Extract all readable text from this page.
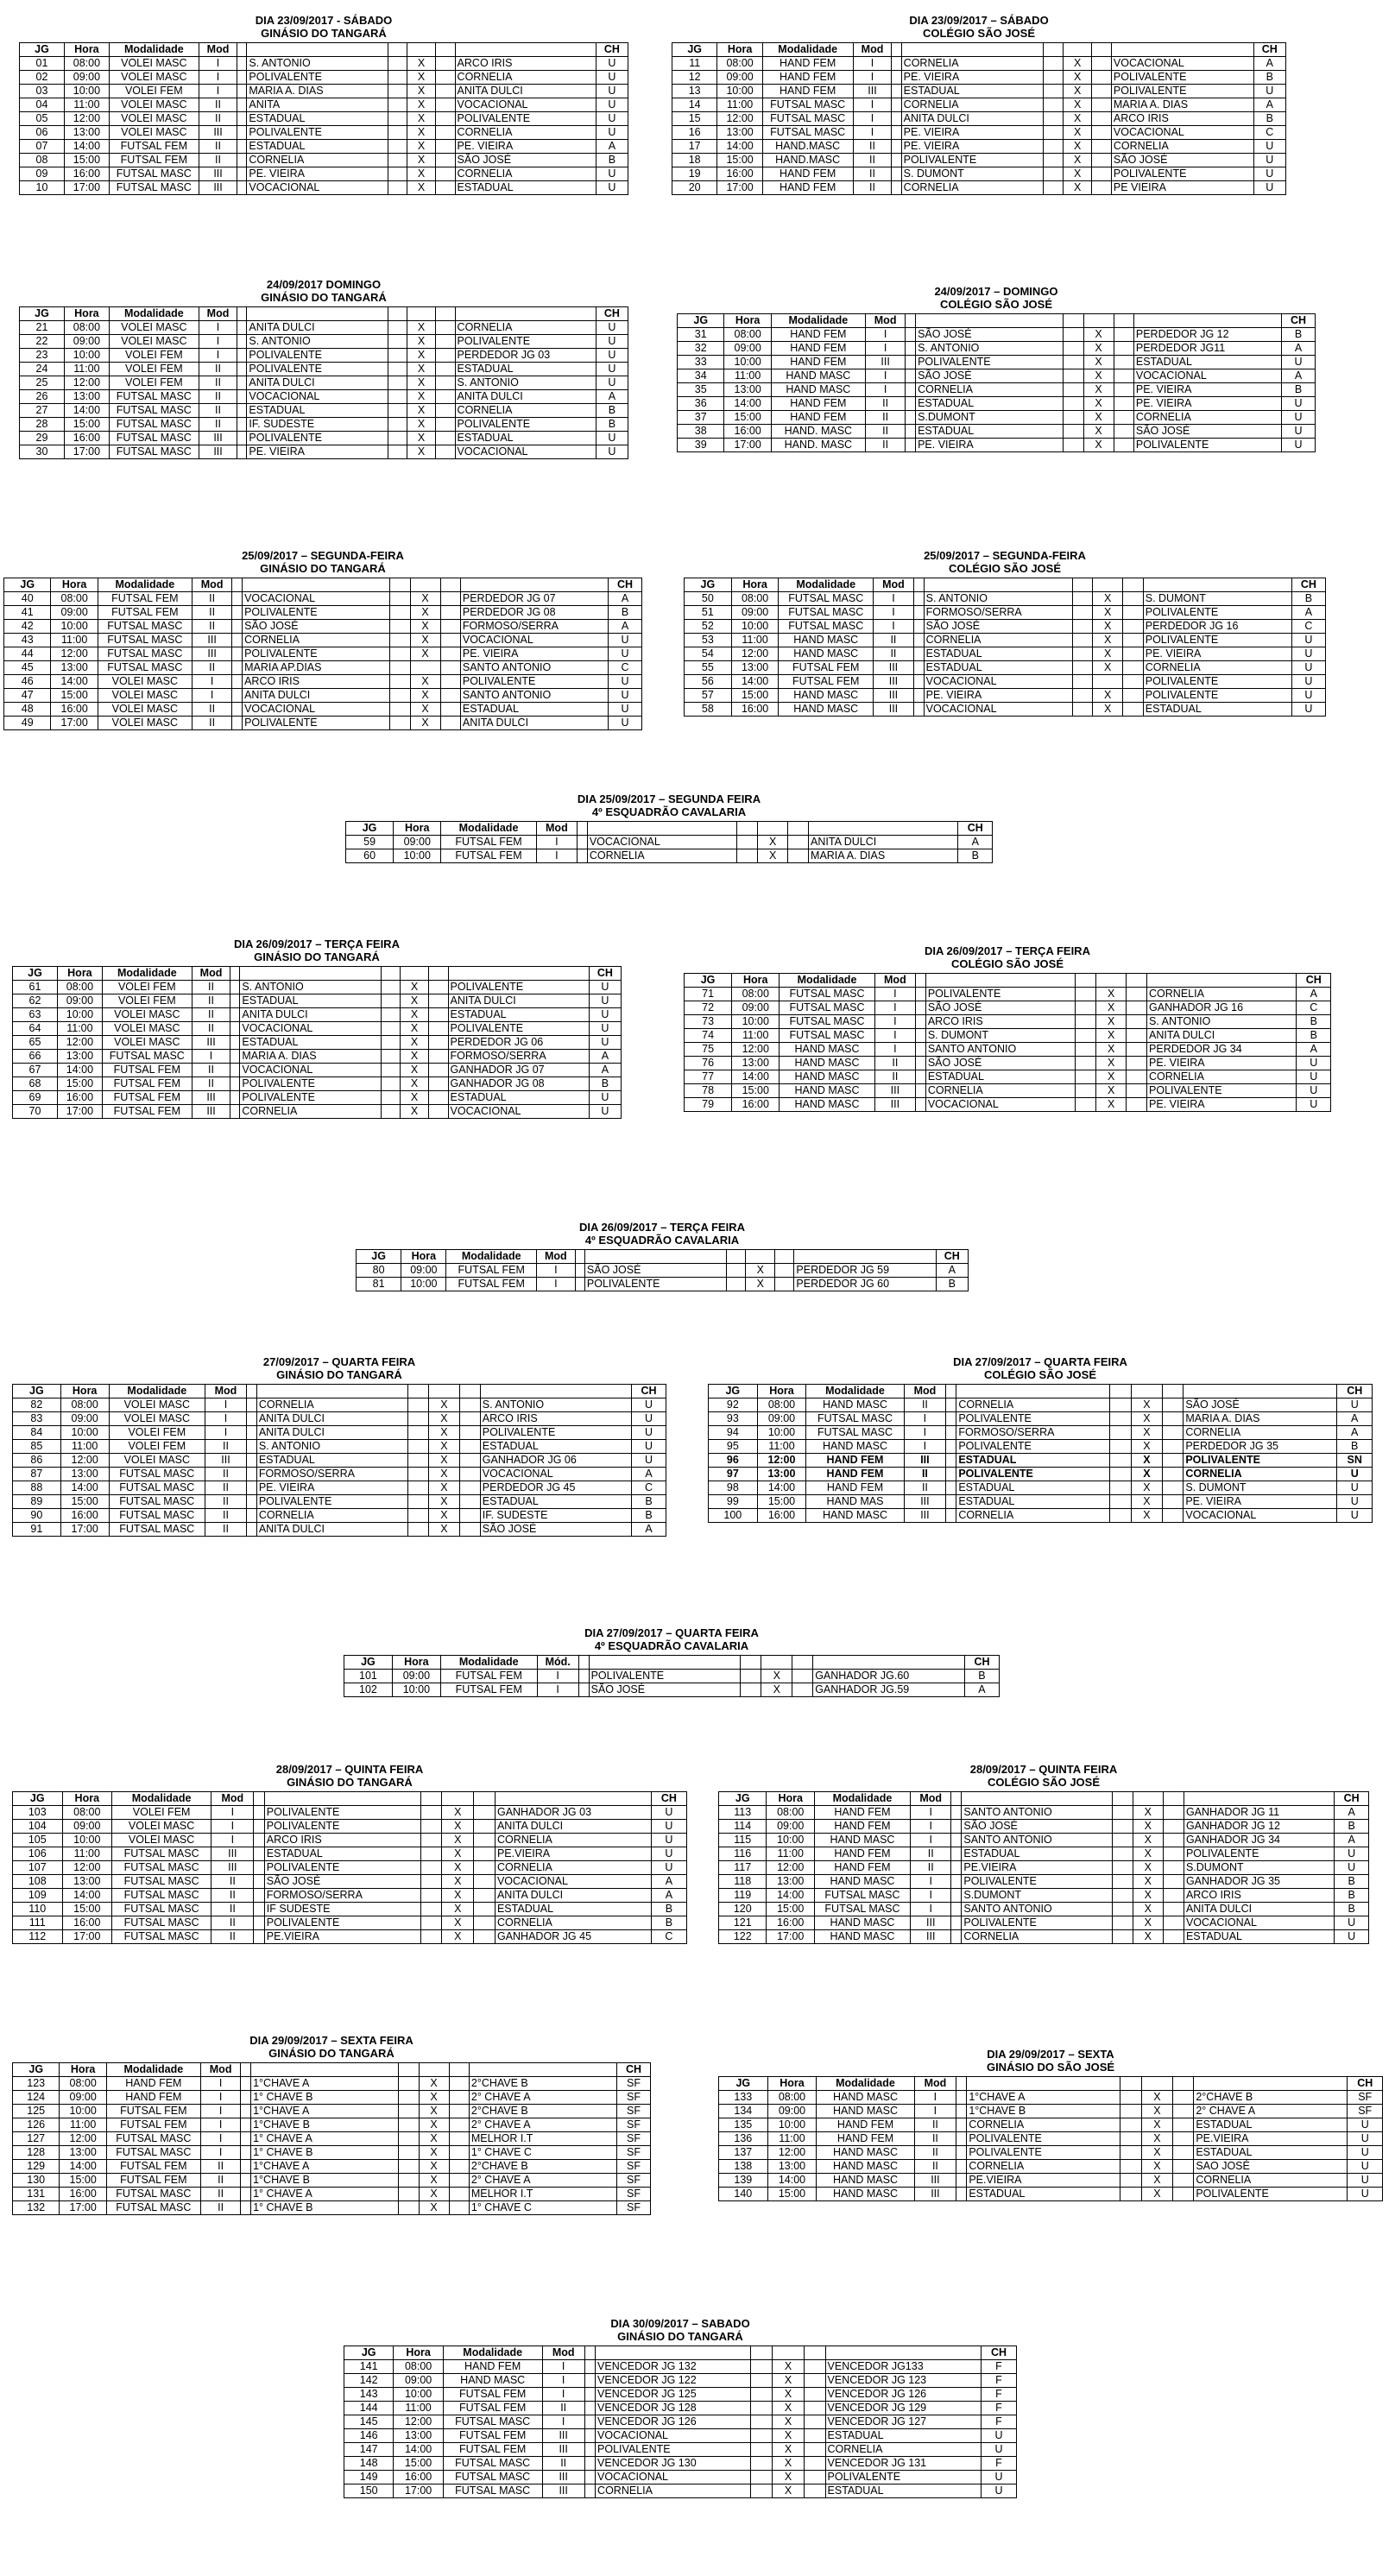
DIA 23/09/2017 - SÁBADO
GINÁSIO DO TANGARÁ
JG	Hora	Modalidade	Mod							CH
01	08:00	VOLEI MASC	I		S. ANTONIO		X		ARCO IRIS	U
02	09:00	VOLEI MASC	I		POLIVALENTE		X		CORNELIA	U
03	10:00	VOLEI FEM	I		MARIA A. DIAS		X		ANITA DULCI	U
04	11:00	VOLEI MASC	II		ANITA		X		VOCACIONAL	U
05	12:00	VOLEI MASC	II		ESTADUAL		X		POLIVALENTE	U
06	13:00	VOLEI MASC	III		POLIVALENTE		X		CORNELIA	U
07	14:00	FUTSAL FEM	II		ESTADUAL		X		PE. VIEIRA	A
08	15:00	FUTSAL FEM	II		CORNELIA		X		SÃO JOSÉ	B
09	16:00	FUTSAL MASC	III		PE. VIEIRA		X		CORNELIA	U
10	17:00	FUTSAL MASC	III		VOCACIONAL		X		ESTADUAL	U
DIA 23/09/2017 – SÁBADO
COLÉGIO SÃO JOSÉ
JG	Hora	Modalidade	Mod							CH
11	08:00	HAND FEM	I		CORNELIA		X		VOCACIONAL	A
12	09:00	HAND FEM	I		PE. VIEIRA		X		POLIVALENTE	B
13	10:00	HAND FEM	III		ESTADUAL		X		POLIVALENTE	U
14	11:00	FUTSAL MASC	I		CORNELIA		X		MARIA A. DIAS	A
15	12:00	FUTSAL MASC	I		ANITA DULCI		X		ARCO IRIS	B
16	13:00	FUTSAL MASC	I		PE. VIEIRA		X		VOCACIONAL	C
17	14:00	HAND.MASC	II		PE. VIEIRA		X		CORNELIA	U
18	15:00	HAND.MASC	II		POLIVALENTE		X		SÃO JOSÉ	U
19	16:00	HAND FEM	II		S. DUMONT		X		POLIVALENTE	U
20	17:00	HAND FEM	II		CORNELIA		X		PE VIEIRA	U
24/09/2017 DOMINGO
GINÁSIO DO TANGARÁ
JG	Hora	Modalidade	Mod							CH
21	08:00	VOLEI MASC	I		ANITA DULCI		X		CORNELIA	U
22	09:00	VOLEI MASC	I		S. ANTONIO		X		POLIVALENTE	U
23	10:00	VOLEI FEM	I		POLIVALENTE		X		PERDEDOR JG 03	U
24	11:00	VOLEI FEM	II		POLIVALENTE		X		ESTADUAL	U
25	12:00	VOLEI FEM	II		ANITA DULCI		X		S. ANTONIO	U
26	13:00	FUTSAL MASC	II		VOCACIONAL		X		ANITA DULCI	A
27	14:00	FUTSAL MASC	II		ESTADUAL		X		CORNELIA	B
28	15:00	FUTSAL MASC	II		IF. SUDESTE		X		POLIVALENTE	B
29	16:00	FUTSAL MASC	III		POLIVALENTE		X		ESTADUAL	U
30	17:00	FUTSAL MASC	III		PE. VIEIRA		X		VOCACIONAL	U
24/09/2017 – DOMINGO
COLÉGIO SÃO JOSÉ
JG	Hora	Modalidade	Mod							CH
31	08:00	HAND FEM	I		SÃO JOSÉ		X		PERDEDOR JG 12	B
32	09:00	HAND FEM	I		S. ANTONIO		X		PERDEDOR JG11	A
33	10:00	HAND FEM	III		POLIVALENTE		X		ESTADUAL	U
34	11:00	HAND MASC	I		SÃO JOSÉ		X		VOCACIONAL	A
35	13:00	HAND MASC	I		CORNELIA		X		PE. VIEIRA	B
36	14:00	HAND FEM	II		ESTADUAL		X		PE. VIEIRA	U
37	15:00	HAND FEM	II		S.DUMONT		X		CORNELIA	U
38	16:00	HAND. MASC	II		ESTADUAL		X		SÃO JOSÉ	U
39	17:00	HAND. MASC	II		PE. VIEIRA		X		POLIVALENTE	U
25/09/2017 – SEGUNDA-FEIRA
GINÁSIO DO TANGARÁ
JG	Hora	Modalidade	Mod							CH
40	08:00	FUTSAL FEM	II		VOCACIONAL		X		PERDEDOR JG 07	A
41	09:00	FUTSAL FEM	II		POLIVALENTE		X		PERDEDOR JG 08	B
42	10:00	FUTSAL MASC	II		SÃO JOSÉ		X		FORMOSO/SERRA	A
43	11:00	FUTSAL MASC	III		CORNELIA		X		VOCACIONAL	U
44	12:00	FUTSAL MASC	III		POLIVALENTE		X		PE. VIEIRA	U
45	13:00	FUTSAL MASC	II		MARIA AP.DIAS				SANTO ANTONIO	C
46	14:00	VOLEI MASC	I		ARCO IRIS		X		POLIVALENTE	U
47	15:00	VOLEI MASC	I		ANITA DULCI		X		SANTO ANTONIO	U
48	16:00	VOLEI MASC	II		VOCACIONAL		X		ESTADUAL	U
49	17:00	VOLEI MASC	II		POLIVALENTE		X		ANITA DULCI	U
25/09/2017 – SEGUNDA-FEIRA
COLÉGIO SÃO JOSÉ
JG	Hora	Modalidade	Mod							CH
50	08:00	FUTSAL MASC	I		S. ANTONIO		X		S. DUMONT	B
51	09:00	FUTSAL MASC	I		FORMOSO/SERRA		X		POLIVALENTE	A
52	10:00	FUTSAL MASC	I		SÃO JOSÉ		X		PERDEDOR JG 16	C
53	11:00	HAND MASC	II		CORNELIA		X		POLIVALENTE	U
54	12:00	HAND MASC	II		ESTADUAL		X		PE. VIEIRA	U
55	13:00	FUTSAL FEM	III		ESTADUAL		X		CORNELIA	U
56	14:00	FUTSAL FEM	III		VOCACIONAL				POLIVALENTE	U
57	15:00	HAND MASC	III		PE. VIEIRA		X		POLIVALENTE	U
58	16:00	HAND MASC	III		VOCACIONAL		X		ESTADUAL	U
DIA 25/09/2017 – SEGUNDA FEIRA
4º ESQUADRÃO CAVALARIA
JG	Hora	Modalidade	Mod							CH
59	09:00	FUTSAL FEM	I		VOCACIONAL		X		ANITA DULCI	A
60	10:00	FUTSAL FEM	I		CORNELIA		X		MARIA A. DIAS	B
DIA 26/09/2017 – TERÇA FEIRA
GINÁSIO DO TANGARÁ
JG	Hora	Modalidade	Mod							CH
61	08:00	VOLEI FEM	II		S. ANTONIO		X		POLIVALENTE	U
62	09:00	VOLEI FEM	II		ESTADUAL		X		ANITA DULCI	U
63	10:00	VOLEI MASC	II		ANITA DULCI		X		ESTADUAL	U
64	11:00	VOLEI MASC	II		VOCACIONAL		X		POLIVALENTE	U
65	12:00	VOLEI MASC	III		ESTADUAL		X		PERDEDOR JG 06	U
66	13:00	FUTSAL MASC	I		MARIA A. DIAS		X		FORMOSO/SERRA	A
67	14:00	FUTSAL FEM	II		VOCACIONAL		X		GANHADOR JG 07	A
68	15:00	FUTSAL FEM	II		POLIVALENTE		X		GANHADOR JG 08	B
69	16:00	FUTSAL FEM	III		POLIVALENTE		X		ESTADUAL	U
70	17:00	FUTSAL FEM	III		CORNELIA		X		VOCACIONAL	U
DIA 26/09/2017 – TERÇA FEIRA
COLÉGIO SÃO JOSÉ
JG	Hora	Modalidade	Mod							CH
71	08:00	FUTSAL MASC	I		POLIVALENTE		X		CORNELIA	A
72	09:00	FUTSAL MASC	I		SÃO JOSÉ		X		GANHADOR JG 16	C
73	10:00	FUTSAL MASC	I		ARCO IRIS		X		S. ANTONIO	B
74	11:00	FUTSAL MASC	I		S. DUMONT		X		ANITA DULCI	B
75	12:00	HAND MASC	I		SANTO ANTONIO		X		PERDEDOR JG 34	A
76	13:00	HAND MASC	II		SÃO JOSÉ		X		PE. VIEIRA	U
77	14:00	HAND MASC	II		ESTADUAL		X		CORNELIA	U
78	15:00	HAND MASC	III		CORNELIA		X		POLIVALENTE	U
79	16:00	HAND MASC	III		VOCACIONAL		X		PE. VIEIRA	U
DIA 26/09/2017 – TERÇA FEIRA
4º ESQUADRÃO CAVALARIA
JG	Hora	Modalidade	Mod							CH
80	09:00	FUTSAL FEM	I		SÃO JOSÉ		X		PERDEDOR JG 59	A
81	10:00	FUTSAL FEM	I		POLIVALENTE		X		PERDEDOR JG 60	B
27/09/2017 – QUARTA FEIRA
GINÁSIO DO TANGARÁ
JG	Hora	Modalidade	Mod							CH
82	08:00	VOLEI MASC	I		CORNELIA		X		S. ANTONIO	U
83	09:00	VOLEI MASC	I		ANITA DULCI		X		ARCO IRIS	U
84	10:00	VOLEI FEM	I		ANITA DULCI		X		POLIVALENTE	U
85	11:00	VOLEI FEM	II		S. ANTONIO		X		ESTADUAL	U
86	12:00	VOLEI MASC	III		ESTADUAL		X		GANHADOR JG 06	U
87	13:00	FUTSAL MASC	II		FORMOSO/SERRA		X		VOCACIONAL	A
88	14:00	FUTSAL MASC	II		PE. VIEIRA		X		PERDEDOR JG 45	C
89	15:00	FUTSAL MASC	II		POLIVALENTE		X		ESTADUAL	B
90	16:00	FUTSAL MASC	II		CORNELIA		X		IF. SUDESTE	B
91	17:00	FUTSAL MASC	II		ANITA DULCI		X		SÃO JOSÉ	A
DIA 27/09/2017 – QUARTA FEIRA
COLÉGIO SÃO JOSÉ
JG	Hora	Modalidade	Mod							CH
92	08:00	HAND MASC	II		CORNELIA		X		SÃO JOSÉ	U
93	09:00	FUTSAL MASC	I		POLIVALENTE		X		MARIA A. DIAS	A
94	10:00	FUTSAL MASC	I		FORMOSO/SERRA		X		CORNELIA	A
95	11:00	HAND MASC	I		POLIVALENTE		X		PERDEDOR JG 35	B
96	12:00	HAND FEM	III		ESTADUAL		X		POLIVALENTE	SN
97	13:00	HAND FEM	II		POLIVALENTE		X		CORNELIA	U
98	14:00	HAND FEM	II		ESTADUAL		X		S. DUMONT	U
99	15:00	HAND MAS	III		ESTADUAL		X		PE. VIEIRA	U
100	16:00	HAND MASC	III		CORNELIA		X		VOCACIONAL	U
DIA 27/09/2017 – QUARTA FEIRA
4º ESQUADRÃO CAVALARIA
JG	Hora	Modalidade	Mód.							CH
101	09:00	FUTSAL FEM	I		POLIVALENTE		X		GANHADOR JG.60	B
102	10:00	FUTSAL FEM	I		SÃO JOSÉ		X		GANHADOR JG.59	A
28/09/2017 – QUINTA FEIRA
GINÁSIO DO TANGARÁ
JG	Hora	Modalidade	Mod							CH
103	08:00	VOLEI FEM	I		POLIVALENTE		X		GANHADOR JG 03	U
104	09:00	VOLEI MASC	I		POLIVALENTE		X		ANITA DULCI	U
105	10:00	VOLEI MASC	I		ARCO IRIS		X		CORNELIA	U
106	11:00	FUTSAL MASC	III		ESTADUAL		X		PE.VIEIRA	U
107	12:00	FUTSAL MASC	III		POLIVALENTE		X		CORNELIA	U
108	13:00	FUTSAL MASC	II		SÃO JOSÉ		X		VOCACIONAL	A
109	14:00	FUTSAL MASC	II		FORMOSO/SERRA		X		ANITA DULCI	A
110	15:00	FUTSAL MASC	II		IF SUDESTE		X		ESTADUAL	B
111	16:00	FUTSAL MASC	II		POLIVALENTE		X		CORNELIA	B
112	17:00	FUTSAL MASC	II		PE.VIEIRA		X		GANHADOR JG 45	C
28/09/2017 – QUINTA FEIRA
COLÉGIO SÃO JOSÉ
JG	Hora	Modalidade	Mod							CH
113	08:00	HAND FEM	I		SANTO ANTONIO		X		GANHADOR JG 11	A
114	09:00	HAND FEM	I		SÃO JOSÉ		X		GANHADOR JG 12	B
115	10:00	HAND MASC	I		SANTO ANTONIO		X		GANHADOR JG 34	A
116	11:00	HAND FEM	II		ESTADUAL		X		POLIVALENTE	U
117	12:00	HAND FEM	II		PE.VIEIRA		X		S.DUMONT	U
118	13:00	HAND MASC	I		POLIVALENTE		X		GANHADOR JG 35	B
119	14:00	FUTSAL MASC	I		S.DUMONT		X		ARCO IRIS	B
120	15:00	FUTSAL MASC	I		SANTO ANTONIO		X		ANITA DULCI	B
121	16:00	HAND MASC	III		POLIVALENTE		X		VOCACIONAL	U
122	17:00	HAND MASC	III		CORNELIA		X		ESTADUAL	U
DIA 29/09/2017 – SEXTA FEIRA
GINÁSIO DO TANGARÁ
JG	Hora	Modalidade	Mod							CH
123	08:00	HAND FEM	I		1°CHAVE A		X		2°CHAVE B	SF
124	09:00	HAND FEM	I		1° CHAVE B		X		2° CHAVE A	SF
125	10:00	FUTSAL FEM	I		1°CHAVE A		X		2°CHAVE B	SF
126	11:00	FUTSAL FEM	I		1°CHAVE B		X		2° CHAVE A	SF
127	12:00	FUTSAL MASC	I		1° CHAVE A		X		MELHOR I.T	SF
128	13:00	FUTSAL MASC	I		1° CHAVE B		X		1° CHAVE C	SF
129	14:00	FUTSAL FEM	II		1°CHAVE A		X		2°CHAVE B	SF
130	15:00	FUTSAL FEM	II		1°CHAVE B		X		2° CHAVE A	SF
131	16:00	FUTSAL MASC	II		1° CHAVE A		X		MELHOR I.T	SF
132	17:00	FUTSAL MASC	II		1° CHAVE B		X		1° CHAVE C	SF
DIA 29/09/2017 – SEXTA
GINÁSIO DO SÃO JOSÉ
JG	Hora	Modalidade	Mod							CH
133	08:00	HAND MASC	I		1°CHAVE A		X		2°CHAVE B	SF
134	09:00	HAND MASC	I		1°CHAVE B		X		2° CHAVE A	SF
135	10:00	HAND FEM	II		CORNELIA		X		ESTADUAL	U
136	11:00	HAND FEM	II		POLIVALENTE		X		PE.VIEIRA	U
137	12:00	HAND MASC	II		POLIVALENTE		X		ESTADUAL	U
138	13:00	HAND MASC	II		CORNELIA		X		SAO JOSÉ	U
139	14:00	HAND MASC	III		PE.VIEIRA		X		CORNELIA	U
140	15:00	HAND MASC	III		ESTADUAL		X		POLIVALENTE	U
DIA 30/09/2017 – SABADO
GINÁSIO DO TANGARÁ
JG	Hora	Modalidade	Mod							CH
141	08:00	HAND FEM	I		VENCEDOR JG 132		X		VENCEDOR JG133	F
142	09:00	HAND MASC	I		VENCEDOR JG 122		X		VENCEDOR JG 123	F
143	10:00	FUTSAL FEM	I		VENCEDOR JG 125		X		VENCEDOR JG 126	F
144	11:00	FUTSAL FEM	II		VENCEDOR JG 128		X		VENCEDOR JG 129	F
145	12:00	FUTSAL MASC	I		VENCEDOR JG 126		X		VENCEDOR JG 127	F
146	13:00	FUTSAL FEM	III		VOCACIONAL		X		ESTADUAL	U
147	14:00	FUTSAL FEM	III		POLIVALENTE		X		CORNELIA	U
148	15:00	FUTSAL MASC	II		VENCEDOR JG 130		X		VENCEDOR JG 131	F
149	16:00	FUTSAL MASC	III		VOCACIONAL		X		POLIVALENTE	U
150	17:00	FUTSAL MASC	III		CORNELIA		X		ESTADUAL	U
